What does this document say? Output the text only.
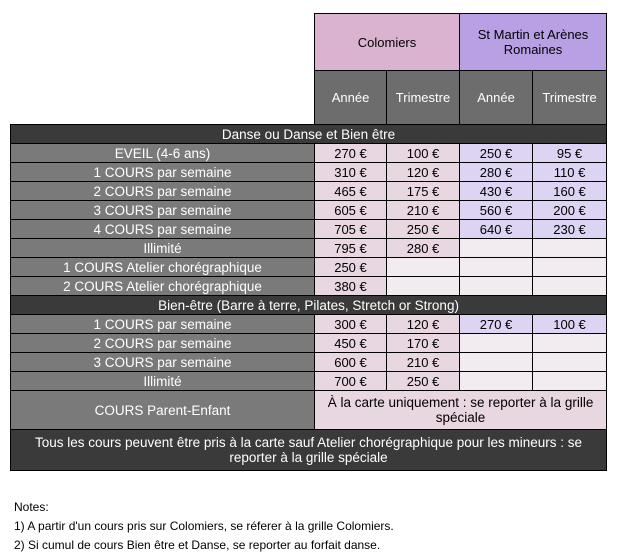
	Colomiers		St Martin et Arènes Romaines	
	Année	Trimestre	Année	Trimestre
Danse ou Danse et Bien être				
EVEIL (4-6 ans)	270 €	100 €	250 €	95 €
1 COURS par semaine	310 €	120 €	280 €	110 €
2 COURS par semaine	465 €	175 €	430 €	160 €
3 COURS par semaine	605 €	210 €	560 €	200 €
4 COURS par semaine	705 €	250 €	640 €	230 €
Illimité	795 €	280 €		
1 COURS Atelier chorégraphique	250 €			
2 COURS Atelier chorégraphique	380 €			
Bien-être (Barre à terre, Pilates, Stretch or Strong)				
1 COURS par semaine	300 €	120 €	270 €	100 €
2 COURS par semaine	450 €	170 €		
3 COURS par semaine	600 €	210 €		
Illimité	700 €	250 €		
COURS Parent-Enfant	À la carte uniquement : se reporter à la grille spéciale			
Tous les cours peuvent être pris à la carte sauf Atelier chorégraphique pour les mineurs : se reporter à la grille spéciale				
Notes:
1) A partir d'un cours pris sur Colomiers, se réferer à la grille Colomiers.
2) Si cumul de cours Bien être et Danse, se reporter au forfait danse.
